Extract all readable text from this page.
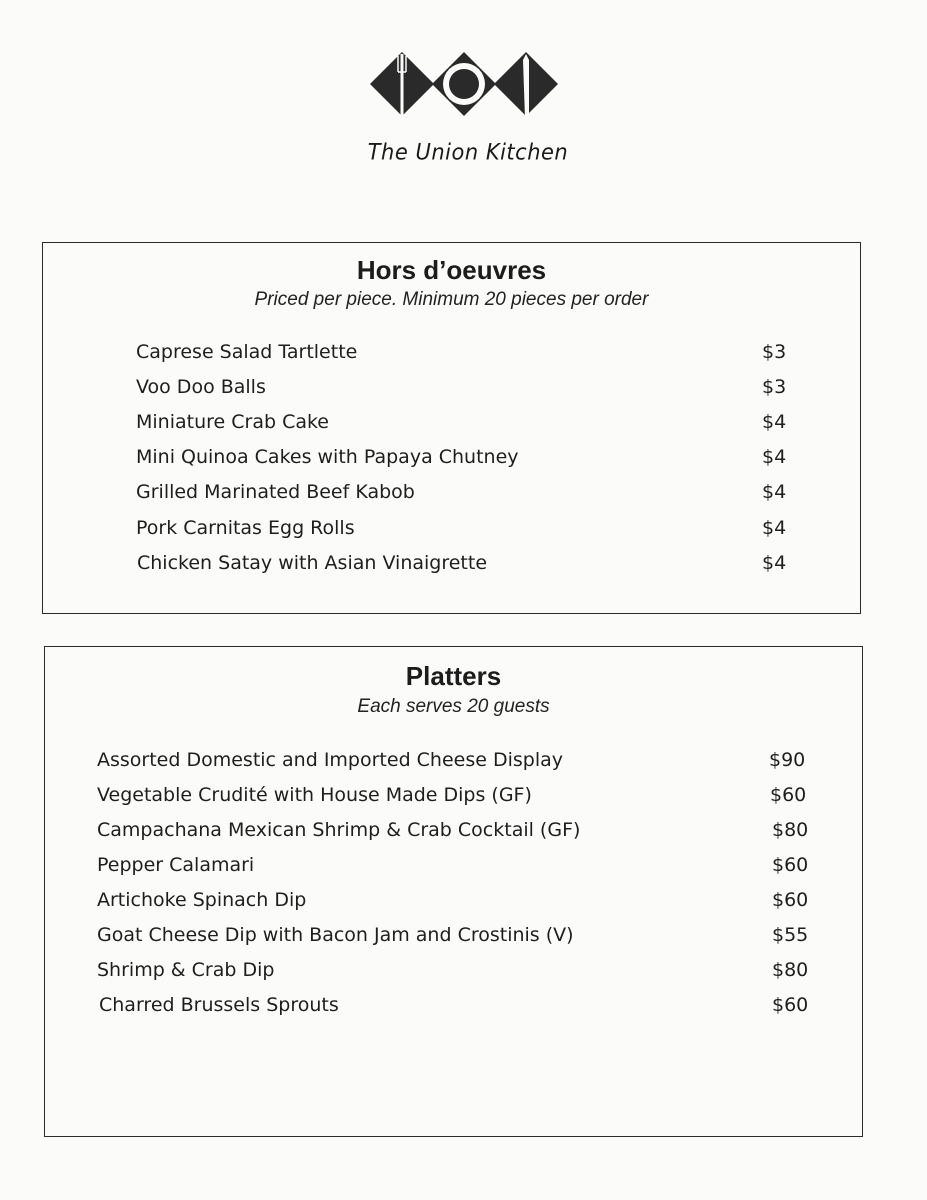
The Union Kitchen
Hors d’oeuvres
Priced per piece. Minimum 20 pieces per order
Caprese Salad Tartlette	$3
Voo Doo Balls	$3
Miniature Crab Cake	$4
Mini Quinoa Cakes with Papaya Chutney	$4
Grilled Marinated Beef Kabob	$4
Pork Carnitas Egg Rolls	$4
Chicken Satay with Asian Vinaigrette	$4
Platters
Each serves 20 guests
Assorted Domestic and Imported Cheese Display	$90
Vegetable Crudité with House Made Dips (GF)	$60
Campachana Mexican Shrimp & Crab Cocktail (GF)	$80
Pepper Calamari	$60
Artichoke Spinach Dip	$60
Goat Cheese Dip with Bacon Jam and Crostinis (V)	$55
Shrimp & Crab Dip	$80
Charred Brussels Sprouts	$60
